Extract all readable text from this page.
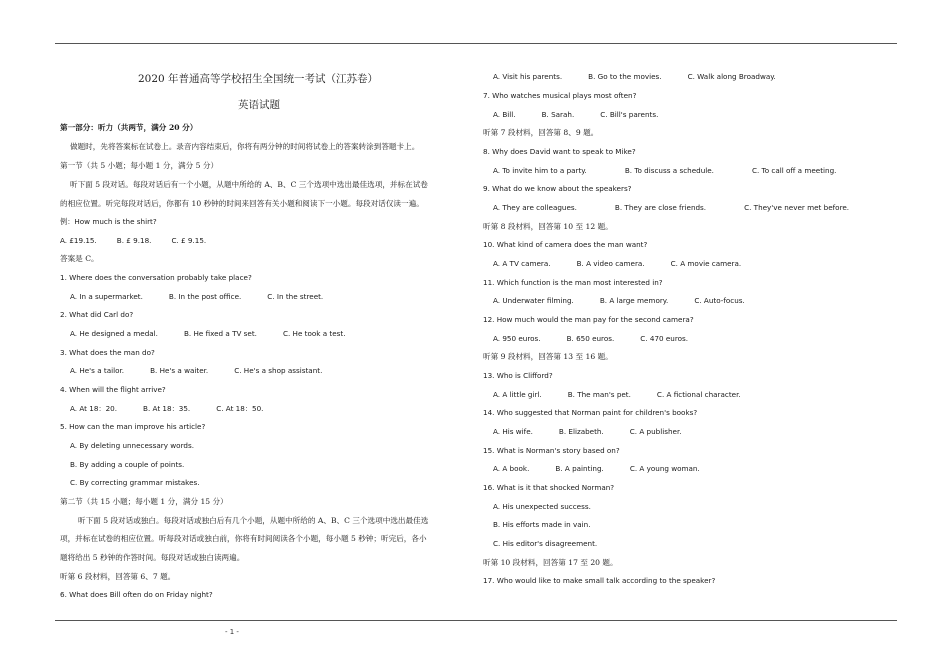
2020 年普通高等学校招生全国统一考试（江苏卷）
英语试题
第一部分：听力（共两节，满分 20 分）
做题时，先将答案标在试卷上。录音内容结束后，你将有两分钟的时间将试卷上的答案转涂到答题卡上。
第一节（共 5 小题；每小题 1 分，满分 5 分）
听下面 5 段对话。每段对话后有一个小题，从题中所给的 A、B、C 三个选项中选出最佳选项，并标在试卷
的相应位置。听完每段对话后，你都有 10 秒钟的时间来回答有关小题和阅读下一小题。每段对话仅读一遍。
例：How much is the shirt?
A. £19.15.	B. £ 9.18.	C. £ 9.15.
答案是 C。
1. Where does the conversation probably take place?
A. In a supermarket.	B. In the post office.	C. In the street.
2. What did Carl do?
A. He designed a medal.	B. He fixed a TV set.	C. He took a test.
3. What does the man do?
A. He's a tailor.	B. He's a waiter.	C. He's a shop assistant.
4. When will the flight arrive?
A. At 18：20.	B. At 18：35.	C. At 18：50.
5. How can the man improve his article?
A. By deleting unnecessary words.
B. By adding a couple of points.
C. By correcting grammar mistakes.
第二节（共 15 小题；每小题 1 分，满分 15 分）
听下面 5 段对话或独白。每段对话或独白后有几个小题，从题中所给的 A、B、C 三个选项中选出最佳选
项，并标在试卷的相应位置。听每段对话或独白前，你将有时间阅读各个小题，每小题 5 秒钟；听完后，各小
题将给出 5 秒钟的作答时间。每段对话或独白读两遍。
听第 6 段材料，回答第 6、7 题。
6. What does Bill often do on Friday night?
A. Visit his parents.	B. Go to the movies.	C. Walk along Broadway.
7. Who watches musical plays most often?
A. Bill.	B. Sarah.	C. Bill's parents.
听第 7 段材料，回答第 8、9 题。
8. Why does David want to speak to Mike?
A. To invite him to a party.	B. To discuss a schedule.	C. To call off a meeting.
9. What do we know about the speakers?
A. They are colleagues.	B. They are close friends.	C. They've never met before.
听第 8 段材料，回答第 10 至 12 题。
10. What kind of camera does the man want?
A. A TV camera.	B. A video camera.	C. A movie camera.
11. Which function is the man most interested in?
A. Underwater filming.	B. A large memory.	C. Auto-focus.
12. How much would the man pay for the second camera?
A. 950 euros.	B. 650 euros.	C. 470 euros.
听第 9 段材料，回答第 13 至 16 题。
13. Who is Clifford?
A. A little girl.	B. The man's pet.	C. A fictional character.
14. Who suggested that Norman paint for children's books?
A. His wife.	B. Elizabeth.	C. A publisher.
15. What is Norman's story based on?
A. A book.	B. A painting.	C. A young woman.
16. What is it that shocked Norman?
A. His unexpected success.
B. His efforts made in vain.
C. His editor's disagreement.
听第 10 段材料，回答第 17 至 20 题。
17. Who would like to make small talk according to the speaker?
- 1 -
